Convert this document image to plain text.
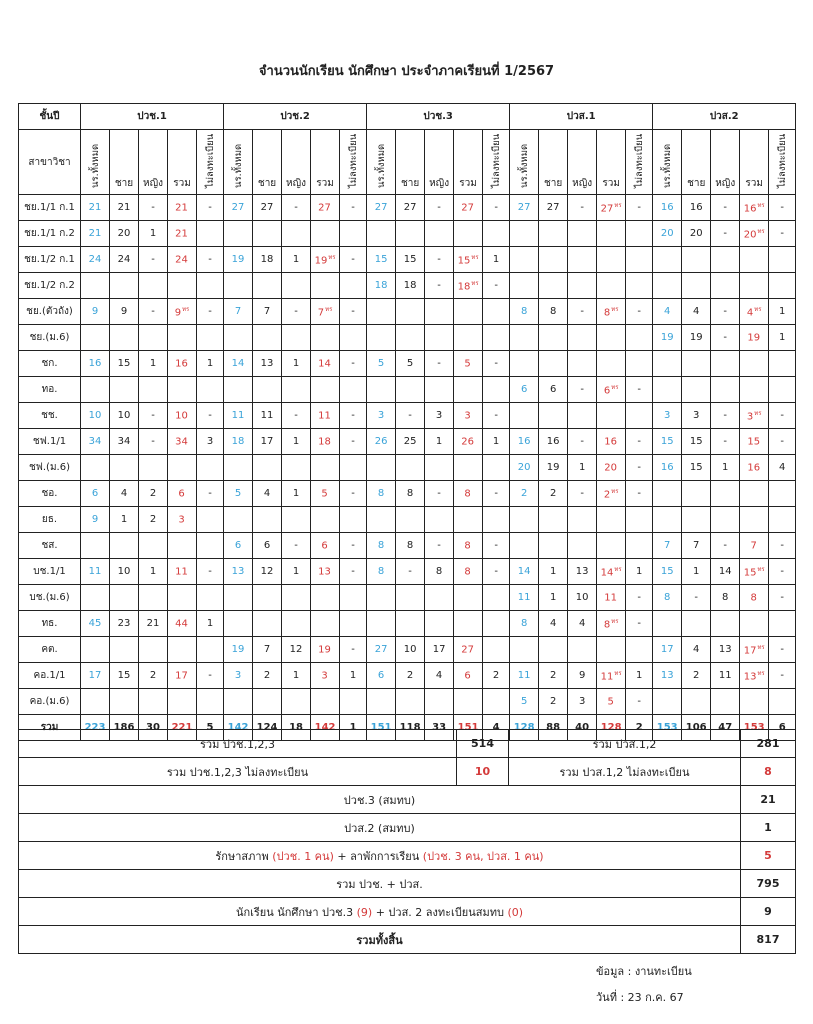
จำนวนนักเรียน นักศึกษา ประจำภาคเรียนที่ 1/2567
ชั้นปี	ปวช.1					ปวช.2					ปวช.3					ปวส.1					ปวส.2				
สาขาวิชา	นร.ทั้งหมด	ชาย	หญิง	รวม	ไม่ลงทะเบียน	นร.ทั้งหมด	ชาย	หญิง	รวม	ไม่ลงทะเบียน	นร.ทั้งหมด	ชาย	หญิง	รวม	ไม่ลงทะเบียน	นร.ทั้งหมด	ชาย	หญิง	รวม	ไม่ลงทะเบียน	นร.ทั้งหมด	ชาย	หญิง	รวม	ไม่ลงทะเบียน
ชย.1/1 ก.1	21	21	-	21	-	27	27	-	27	-	27	27	-	27	-	27	27	-	27$^{ทร}$	-	16	16	-	16$^{ทร}$	-
ชย.1/1 ก.2	21	20	1	21																	20	20	-	20$^{ทร}$	-
ชย.1/2 ก.1	24	24	-	24	-	19	18	1	19$^{ทร}$	-	15	15	-	15$^{ทร}$	1										
ชย.1/2 ก.2											18	18	-	18$^{ทร}$	-										
ชย.(ตัวถัง)	9	9	-	9$^{ทร}$	-	7	7	-	7$^{ทร}$	-						8	8	-	8$^{ทร}$	-	4	4	-	4$^{ทร}$	1
ชย.(ม.6)																					19	19	-	19	1
ชก.	16	15	1	16	1	14	13	1	14	-	5	5	-	5	-										
ทอ.																6	6	-	6$^{ทร}$	-					
ชช.	10	10	-	10	-	11	11	-	11	-	3	-	3	3	-						3	3	-	3$^{ทร}$	-
ชฟ.1/1	34	34	-	34	3	18	17	1	18	-	26	25	1	26	1	16	16	-	16	-	15	15	-	15	-
ชฟ.(ม.6)																20	19	1	20	-	16	15	1	16	4
ชอ.	6	4	2	6	-	5	4	1	5	-	8	8	-	8	-	2	2	-	2$^{ทร}$	-					
ยธ.	9	1	2	3																					
ชส.						6	6	-	6	-	8	8	-	8	-						7	7	-	7	-
บช.1/1	11	10	1	11	-	13	12	1	13	-	8	-	8	8	-	14	1	13	14$^{ทร}$	1	15	1	14	15$^{ทร}$	-
บช.(ม.6)																11	1	10	11	-	8	-	8	8	-
ทธ.	45	23	21	44	1											8	4	4	8$^{ทร}$	-					
คต.						19	7	12	19	-	27	10	17	27							17	4	13	17$^{ทร}$	-
คอ.1/1	17	15	2	17	-	3	2	1	3	1	6	2	4	6	2	11	2	9	11$^{ทร}$	1	13	2	11	13$^{ทร}$	-
คอ.(ม.6)																5	2	3	5	-					
รวม	223	186	30	221	5	142	124	18	142	1	151	118	33	151	4	128	88	40	128	2	153	106	47	153	6
รวม ปวช.1,2,3	514	รวม ปวส.1,2	281
รวม ปวช.1,2,3 ไม่ลงทะเบียน	10	รวม ปวส.1,2 ไม่ลงทะเบียน	8
ปวช.3 (สมทบ)			21
ปวส.2 (สมทบ)			1
รักษาสภาพ (ปวช. 1 คน) + ลาพักการเรียน (ปวช. 3 คน, ปวส. 1 คน)			5
รวม ปวช. + ปวส.			795
นักเรียน นักศึกษา ปวช.3 (9) + ปวส. 2 ลงทะเบียนสมทบ (0)			9
รวมทั้งสิ้น			817
ข้อมูล : งานทะเบียน
วันที่ : 23 ก.ค. 67
